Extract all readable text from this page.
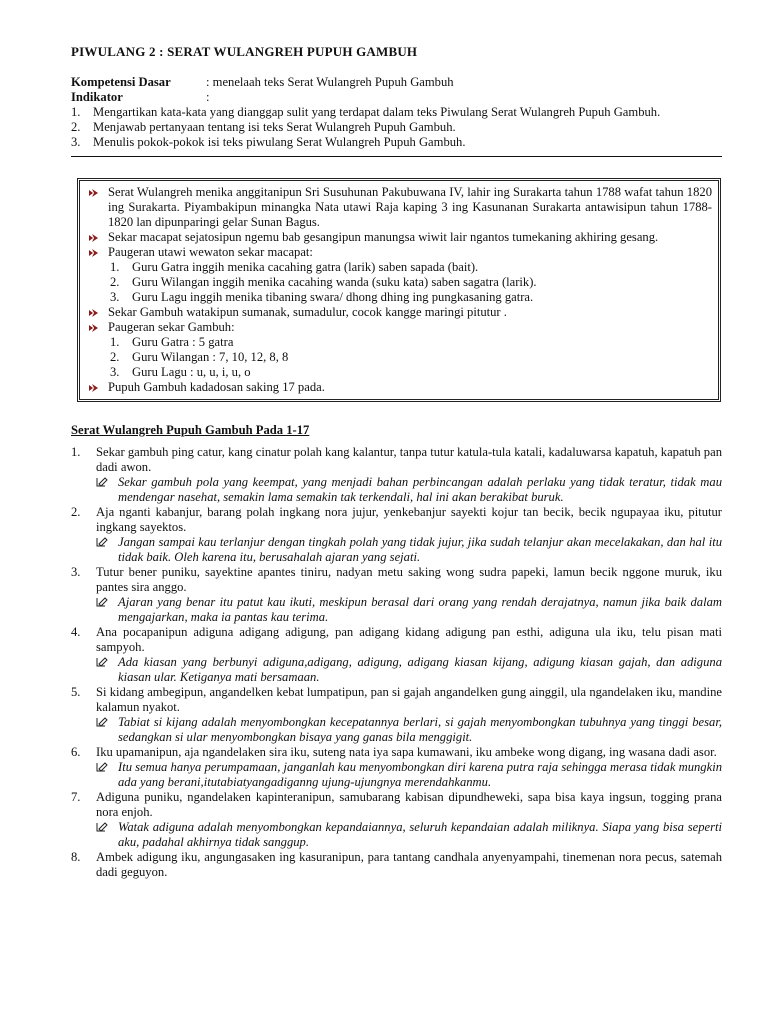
PIWULANG 2 : SERAT WULANGREH PUPUH GAMBUH
Kompetensi Dasar	: menelaah teks Serat Wulangreh Pupuh Gambuh
Indikator	:
1. Mengartikan kata-kata yang dianggap sulit yang terdapat dalam teks Piwulang Serat Wulangreh Pupuh Gambuh.
2. Menjawab pertanyaan tentang isi teks Serat Wulangreh Pupuh Gambuh.
3. Menulis pokok-pokok isi teks piwulang Serat Wulangreh Pupuh Gambuh.
Serat Wulangreh menika anggitanipun Sri Susuhunan Pakubuwana IV, lahir ing Surakarta tahun 1788 wafat tahun 1820 ing Surakarta. Piyambakipun minangka Nata utawi Raja kaping 3 ing Kasunanan Surakarta antawisipun tahun 1788-1820 lan dipunparingi gelar Sunan Bagus.
Sekar macapat sejatosipun ngemu bab gesangipun manungsa wiwit lair ngantos tumekaning akhiring gesang.
Paugeran utawi wewaton sekar macapat:
1. Guru Gatra inggih menika cacahing gatra (larik) saben sapada (bait).
2. Guru Wilangan inggih menika cacahing wanda (suku kata) saben sagatra (larik).
3. Guru Lagu inggih menika tibaning swara/ dhong dhing ing pungkasaning gatra.
Sekar Gambuh watakipun sumanak, sumadulur, cocok kangge maringi pitutur .
Paugeran sekar Gambuh:
1. Guru Gatra : 5 gatra
2. Guru Wilangan : 7, 10, 12, 8, 8
3. Guru Lagu : u, u, i, u, o
Pupuh Gambuh kadadosan saking 17 pada.
Serat Wulangreh Pupuh Gambuh Pada 1-17
1.	Sekar gambuh ping catur, kang cinatur polah kang kalantur, tanpa tutur katula-tula katali, kadaluwarsa kapatuh, kapatuh pan dadi awon.
Sekar gambuh pola yang keempat, yang menjadi bahan perbincangan adalah perlaku yang tidak teratur, tidak mau mendengar nasehat, semakin lama semakin tak terkendali, hal ini akan berakibat buruk.
2.	Aja nganti kabanjur, barang polah ingkang nora jujur, yenkebanjur sayekti kojur tan becik, becik ngupayaa iku, pitutur ingkang sayektos.
Jangan sampai kau terlanjur dengan tingkah polah yang tidak jujur, jika sudah telanjur akan mecelakakan, dan hal itu tidak baik. Oleh karena itu, berusahalah ajaran yang sejati.
3.	Tutur bener puniku, sayektine apantes tiniru, nadyan metu saking wong sudra papeki, lamun becik nggone muruk, iku pantes sira anggo.
Ajaran yang benar itu patut kau ikuti, meskipun berasal dari orang yang rendah derajatnya, namun jika baik dalam mengajarkan, maka ia pantas kau terima.
4.	Ana pocapanipun adiguna adigang adigung, pan adigang kidang adigung pan esthi, adiguna ula iku, telu pisan mati sampyoh.
Ada kiasan yang berbunyi adiguna,adigang, adigung, adigang kiasan kijang, adigung kiasan gajah, dan adiguna kiasan ular. Ketiganya mati bersamaan.
5.	Si kidang ambegipun, angandelken kebat lumpatipun, pan si gajah angandelken gung ainggil, ula ngandelaken iku, mandine kalamun nyakot.
Tabiat si kijang adalah menyombongkan kecepatannya berlari, si gajah menyombongkan tubuhnya yang tinggi besar, sedangkan si ular menyombongkan bisaya yang ganas bila menggigit.
6.	Iku upamanipun, aja ngandelaken sira iku, suteng nata iya sapa kumawani, iku ambeke wong digang, ing wasana dadi asor.
Itu semua hanya perumpamaan, janganlah kau menyombongkan diri karena putra raja sehingga merasa tidak mungkin ada yang berani,itutabiatyangadiganng ujung-ujungnya merendahkanmu.
7.	Adiguna puniku, ngandelaken kapinteranipun, samubarang kabisan dipundheweki, sapa bisa kaya ingsun, togging prana nora enjoh.
Watak adiguna adalah menyombongkan kepandaiannya, seluruh kepandaian adalah miliknya. Siapa yang bisa seperti aku, padahal akhirnya tidak sanggup.
8.	Ambek adigung iku, angungasaken ing kasuranipun, para tantang candhala anyenyampahi, tinemenan nora pecus, satemah dadi geguyon.
